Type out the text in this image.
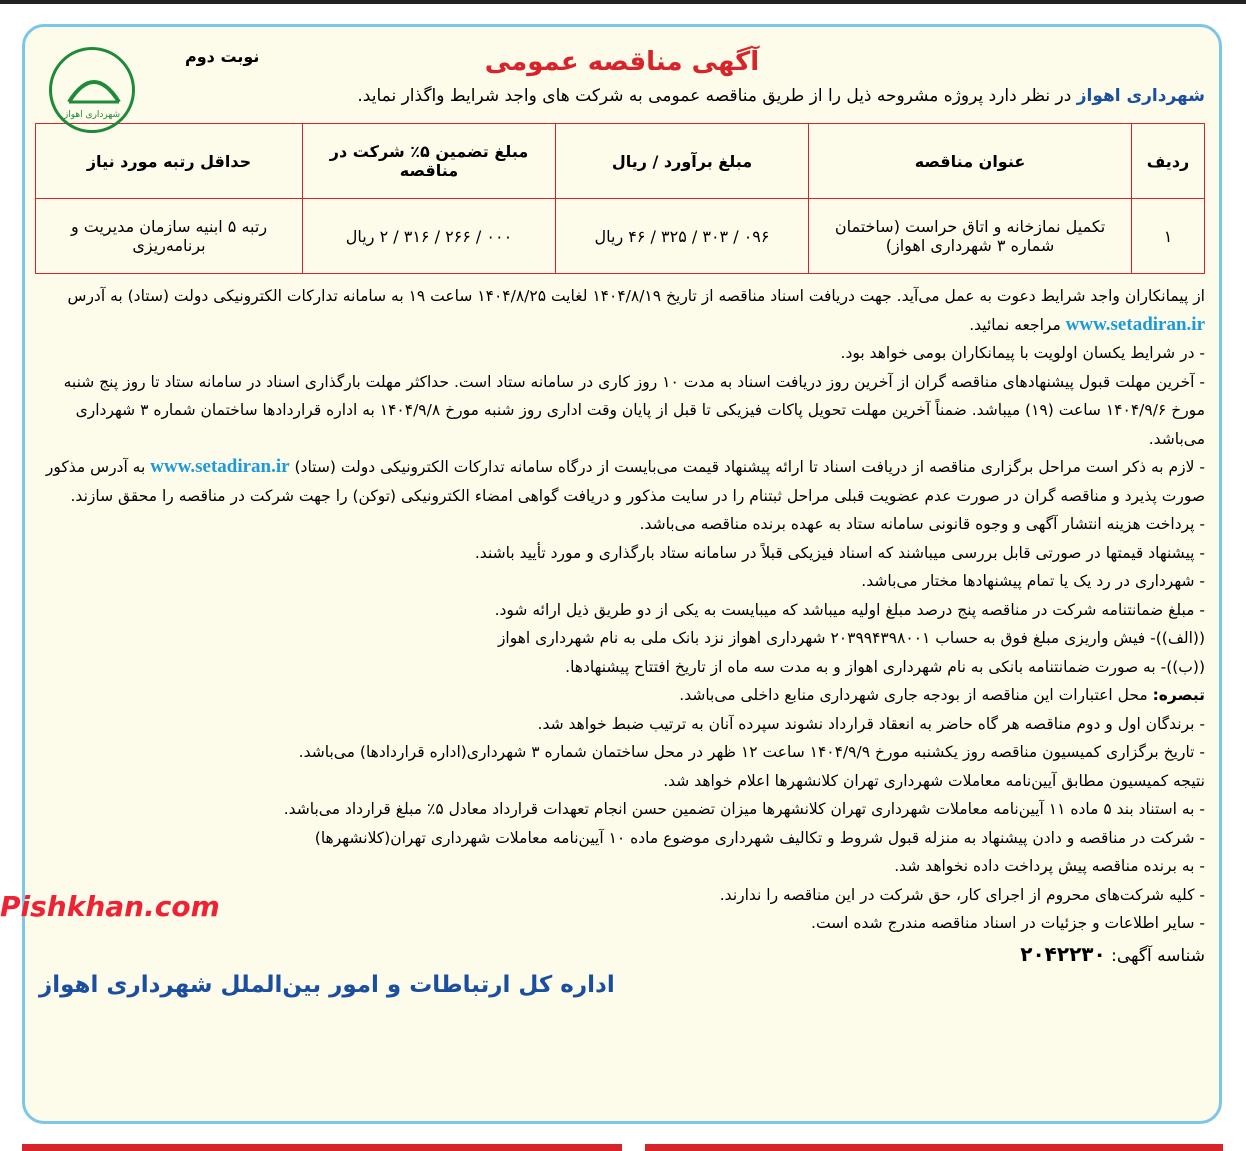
شهرداری اهواز
نوبت دوم	آگهی مناقصه عمومی
شهرداری اهواز در نظر دارد پروژه مشروحه ذیل را از طریق مناقصه عمومی به شرکت های واجد شرایط واگذار نماید.
ردیف	عنوان مناقصه	مبلغ برآورد / ریال	مبلغ تضمین ۵٪ شرکت در مناقصه	حداقل رتبه مورد نیاز
۱	تکمیل نمازخانه و اتاق حراست (ساختمان شماره ۳ شهرداری اهواز)	۰۹۶ / ۳۰۳ / ۳۲۵ / ۴۶ ریال	۰۰۰ / ۲۶۶ / ۳۱۶ / ۲ ریال	رتبه ۵ ابنیه سازمان مدیریت و برنامه‌ریزی

از پیمانکاران واجد شرایط دعوت به عمل می‌آید. جهت دریافت اسناد مناقصه از تاریخ ۱۴۰۴/۸/۱۹ لغایت ۱۴۰۴/۸/۲۵ ساعت ۱۹ به سامانه تدارکات الکترونیکی دولت (ستاد) به آدرس www.setadiran.ir مراجعه نمائید.

- در شرایط یکسان اولویت با پیمانکاران بومی خواهد بود.

- آخرین مهلت قبول پیشنهادهای مناقصه گران از آخرین روز دریافت اسناد به مدت ۱۰ روز کاری در سامانه ستاد است. حداکثر مهلت بارگذاری اسناد در سامانه ستاد تا روز پنج شنبه مورخ ۱۴۰۴/۹/۶ ساعت (۱۹) میباشد. ضمناً آخرین مهلت تحویل پاکات فیزیکی تا قبل از پایان وقت اداری روز شنبه مورخ ۱۴۰۴/۹/۸ به اداره قراردادها ساختمان شماره ۳ شهرداری می‌باشد.

- لازم به ذکر است مراحل برگزاری مناقصه از دریافت اسناد تا ارائه پیشنهاد قیمت می‌بایست از درگاه سامانه تدارکات الکترونیکی دولت (ستاد) www.setadiran.ir به آدرس مذکور صورت پذیرد و مناقصه گران در صورت عدم عضویت قبلی مراحل ثبتنام را در سایت مذکور و دریافت گواهی امضاء الکترونیکی (توکن) را جهت شرکت در مناقصه را محقق سازند.

- پرداخت هزینه انتشار آگهی و وجوه قانونی سامانه ستاد به عهده برنده مناقصه می‌باشد.

- پیشنهاد قیمتها در صورتی قابل بررسی میباشند که اسناد فیزیکی قبلاً در سامانه ستاد بارگذاری و مورد تأیید باشند.

- شهرداری در رد یک یا تمام پیشنهادها مختار می‌باشد.

- مبلغ ضمانتنامه شرکت در مناقصه پنج درصد مبلغ اولیه میباشد که میبایست به یکی از دو طریق ذیل ارائه شود.

((الف))- فیش واریزی مبلغ فوق به حساب ۲۰۳۹۹۴۳۹۸۰۰۱ شهرداری اهواز نزد بانک ملی به نام شهرداری اهواز

((ب))- به صورت ضمانتنامه بانکی به نام شهرداری اهواز و به مدت سه ماه از تاریخ افتتاح پیشنهادها.

تبصره: محل اعتبارات این مناقصه از بودجه جاری شهرداری منابع داخلی می‌باشد.

- برندگان اول و دوم مناقصه هر گاه حاضر به انعقاد قرارداد نشوند سپرده آنان به ترتیب ضبط خواهد شد.

- تاریخ برگزاری کمیسیون مناقصه روز یکشنبه مورخ ۱۴۰۴/۹/۹ ساعت ۱۲ ظهر در محل ساختمان شماره ۳ شهرداری(اداره قراردادها) می‌باشد.

نتیجه کمیسیون مطابق آیین‌نامه معاملات شهرداری تهران کلانشهرها اعلام خواهد شد.

- به استناد بند ۵ ماده ۱۱ آیین‌نامه معاملات شهرداری تهران کلانشهرها میزان تضمین حسن انجام تعهدات قرارداد معادل ۵٪ مبلغ قرارداد می‌باشد.

- شرکت در مناقصه و دادن پیشنهاد به منزله قبول شروط و تکالیف شهرداری موضوع ماده ۱۰ آیین‌نامه معاملات شهرداری تهران(کلانشهرها)

- به برنده مناقصه پیش پرداخت داده نخواهد شد.

- کلیه شرکت‌های محروم از اجرای کار، حق شرکت در این مناقصه را ندارند.

- سایر اطلاعات و جزئیات در اسناد مناقصه مندرج شده است.

شناسه آگهی: ۲۰۴۲۲۳۰
اداره کل ارتباطات و امور بین‌الملل شهرداری اهواز
Pishkhan.com
